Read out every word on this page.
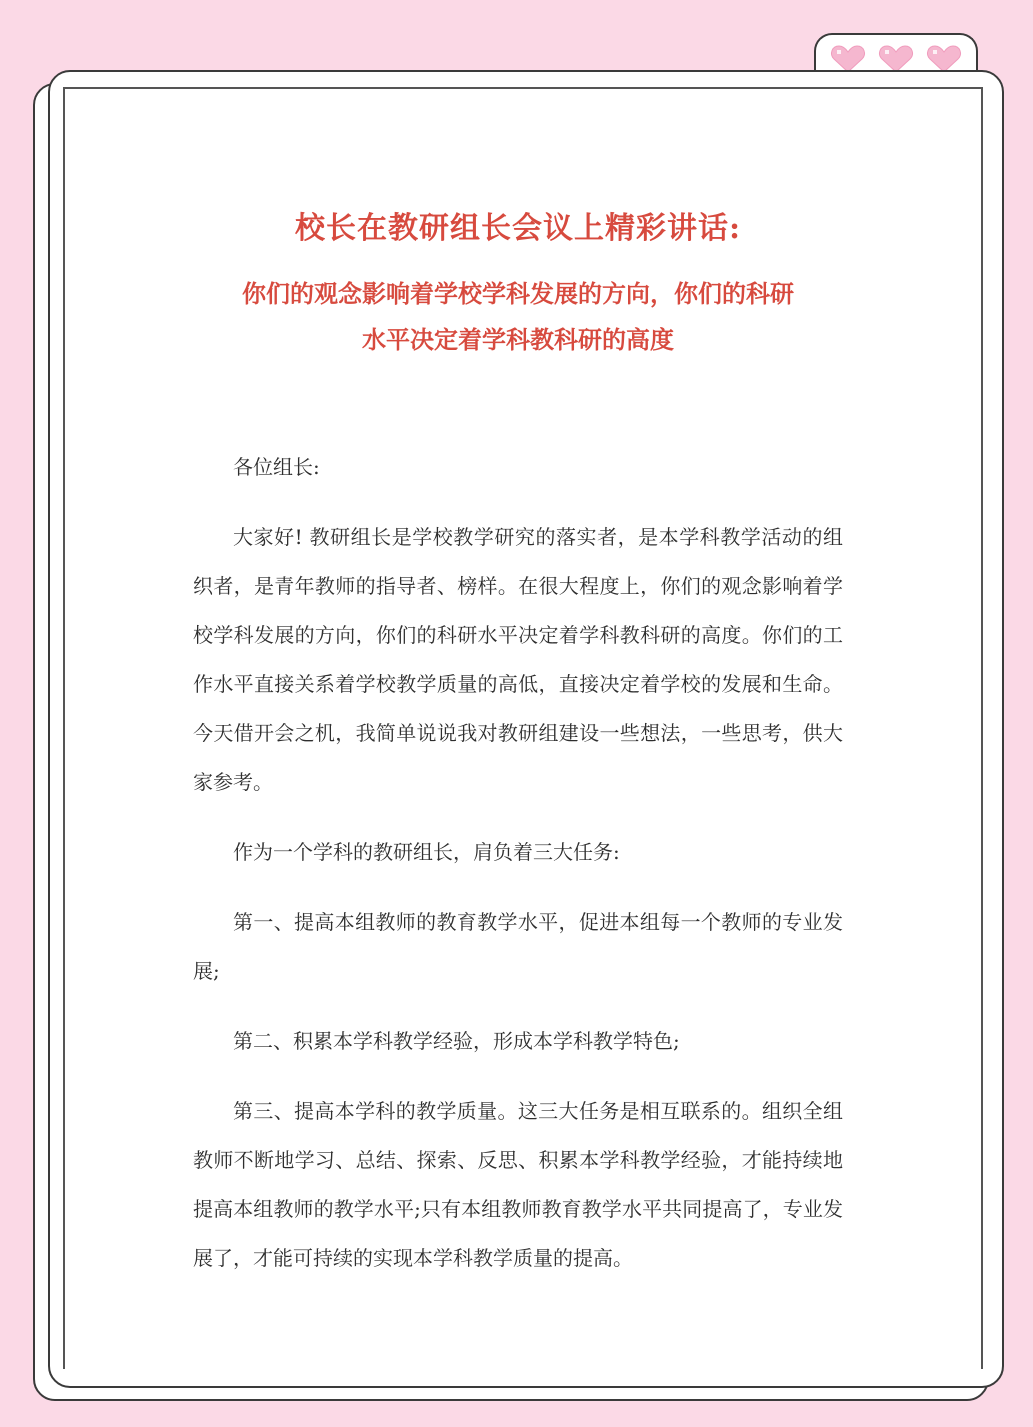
校长在教研组长会议上精彩讲话:

你们的观念影响着学校学科发展的方向，你们的科研

水平决定着学科教科研的高度

各位组长:

大家好! 教研组长是学校教学研究的落实者，是本学科教学活动的组织者，是青年教师的指导者、榜样。在很大程度上，你们的观念影响着学校学科发展的方向，你们的科研水平决定着学科教科研的高度。你们的工作水平直接关系着学校教学质量的高低，直接决定着学校的发展和生命。今天借开会之机，我简单说说我对教研组建设一些想法，一些思考，供大家参考。

作为一个学科的教研组长，肩负着三大任务:

第一、提高本组教师的教育教学水平，促进本组每一个教师的专业发展;

第二、积累本学科教学经验，形成本学科教学特色;

第三、提高本学科的教学质量。这三大任务是相互联系的。组织全组教师不断地学习、总结、探索、反思、积累本学科教学经验，才能持续地提高本组教师的教学水平;只有本组教师教育教学水平共同提高了，专业发展了，才能可持续的实现本学科教学质量的提高。
